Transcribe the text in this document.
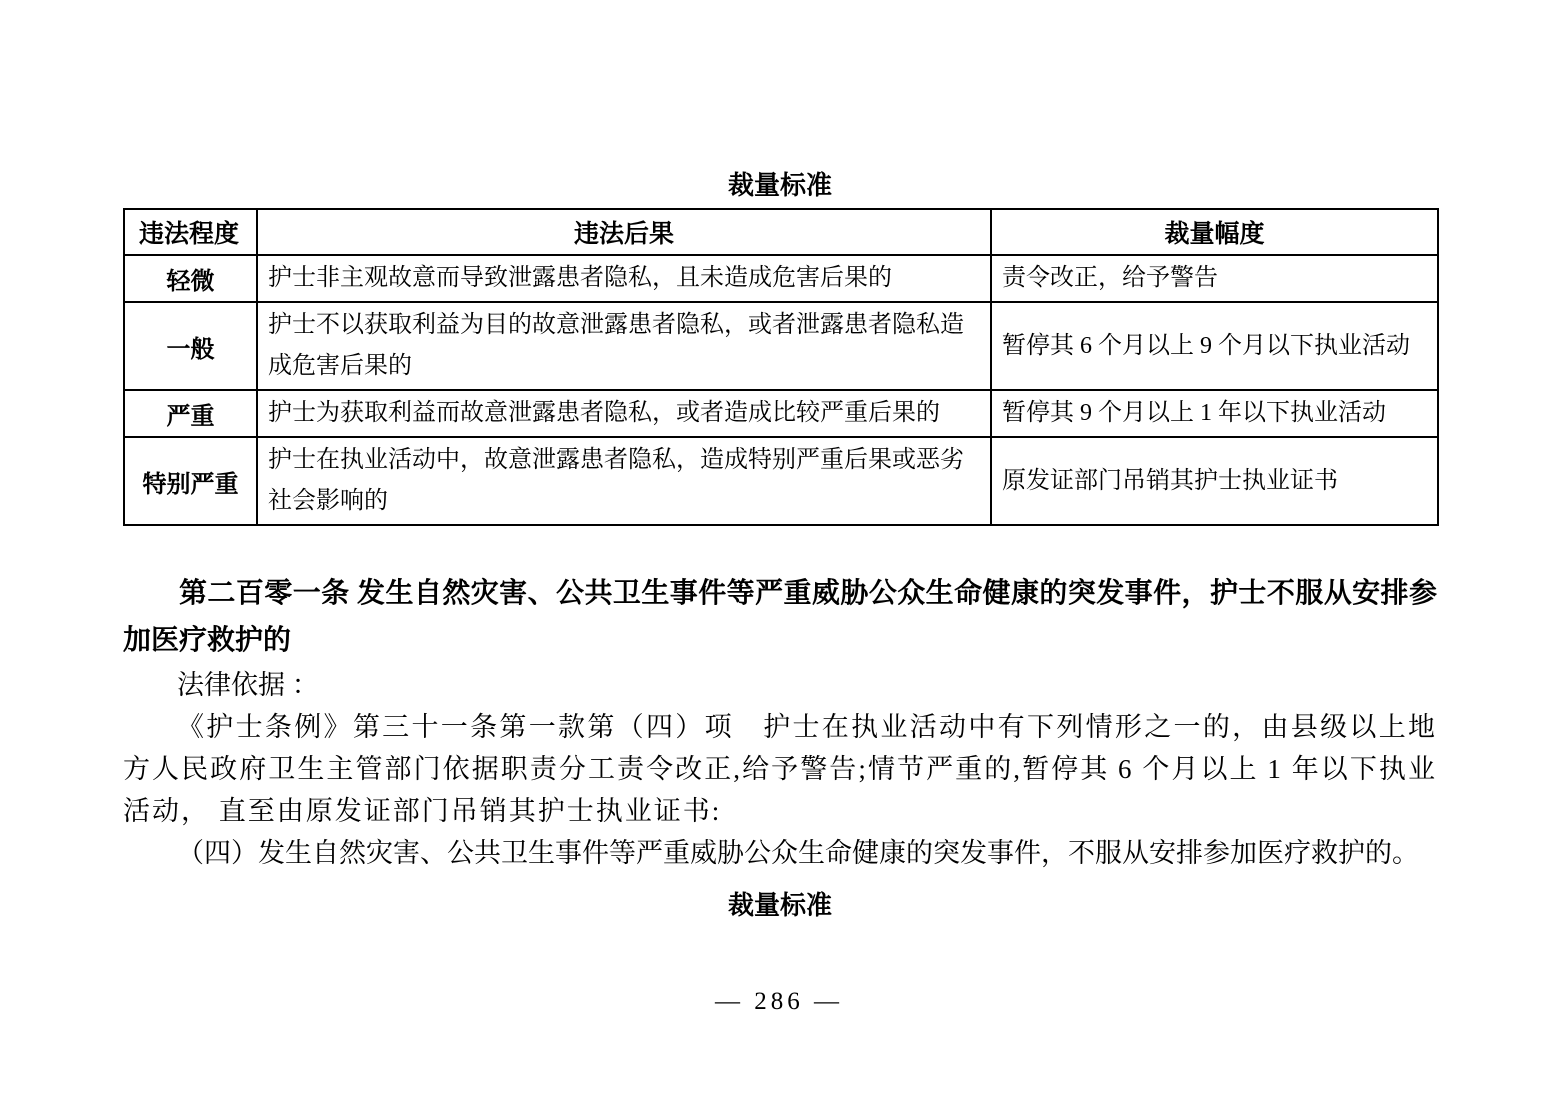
裁量标准
违法程度	违法后果	裁量幅度
轻微	护士非主观故意而导致泄露患者隐私，且未造成危害后果的	责令改正，给予警告
一般	护士不以获取利益为目的故意泄露患者隐私，或者泄露患者隐私造成危害后果的	暂停其 6 个月以上 9 个月以下执业活动
严重	护士为获取利益而故意泄露患者隐私，或者造成比较严重后果的	暂停其 9 个月以上 1 年以下执业活动
特别严重	护士在执业活动中，故意泄露患者隐私，造成特别严重后果或恶劣社会影响的	原发证部门吊销其护士执业证书

第二百零一条 发生自然灾害、公共卫生事件等严重威胁公众生命健康的突发事件，护士不服从安排参加医疗救护的

法律依据 ：

《护士条例》第三十一条第一款第（四）项　护士在执业活动中有下列情形之一的，由县级以上地方人民政府卫生主管部门依据职责分工责令改正,给予警告;情节严重的,暂停其 6 个月以上 1 年以下执业活动， 直至由原发证部门吊销其护士执业证书:

（四）发生自然灾害、公共卫生事件等严重威胁公众生命健康的突发事件，不服从安排参加医疗救护的。

裁量标准
— 286 —
